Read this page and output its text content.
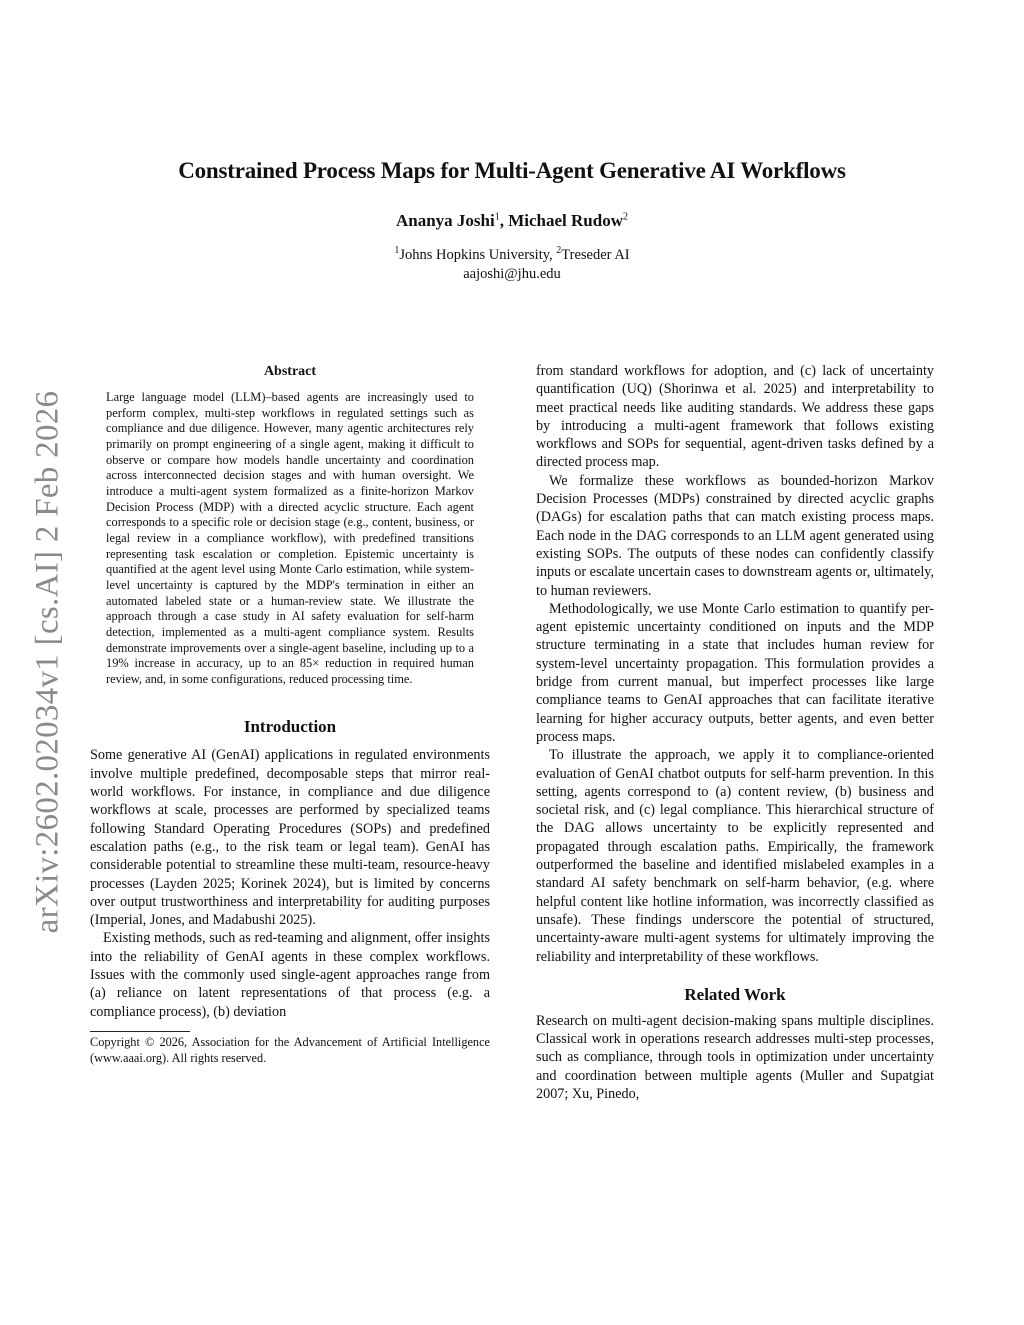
arXiv:2602.02034v1 [cs.AI] 2 Feb 2026
Constrained Process Maps for Multi-Agent Generative AI Workflows
Ananya Joshi$^1$, Michael Rudow$^2$
$^1$Johns Hopkins University, $^2$Treseder AI
aajoshi@jhu.edu
Abstract

Large language model (LLM)–based agents are increasingly used to perform complex, multi-step workflows in regulated settings such as compliance and due diligence. However, many agentic architectures rely primarily on prompt engineering of a single agent, making it difficult to observe or compare how models handle uncertainty and coordination across interconnected decision stages and with human oversight. We introduce a multi-agent system formalized as a finite-horizon Markov Decision Process (MDP) with a directed acyclic structure. Each agent corresponds to a specific role or decision stage (e.g., content, business, or legal review in a compliance workflow), with predefined transitions representing task escalation or completion. Epistemic uncertainty is quantified at the agent level using Monte Carlo estimation, while system-level uncertainty is captured by the MDP's termination in either an automated labeled state or a human-review state. We illustrate the approach through a case study in AI safety evaluation for self-harm detection, implemented as a multi-agent compliance system. Results demonstrate improvements over a single-agent baseline, including up to a 19% increase in accuracy, up to an 85× reduction in required human review, and, in some configurations, reduced processing time.

Introduction

Some generative AI (GenAI) applications in regulated environments involve multiple predefined, decomposable steps that mirror real-world workflows. For instance, in compliance and due diligence workflows at scale, processes are performed by specialized teams following Standard Operating Procedures (SOPs) and predefined escalation paths (e.g., to the risk team or legal team). GenAI has considerable potential to streamline these multi-team, resource-heavy processes (Layden 2025; Korinek 2024), but is limited by concerns over output trustworthiness and interpretability for auditing purposes (Imperial, Jones, and Madabushi 2025).

Existing methods, such as red-teaming and alignment, offer insights into the reliability of GenAI agents in these complex workflows. Issues with the commonly used single-agent approaches range from (a) reliance on latent representations of that process (e.g. a compliance process), (b) deviation

Copyright © 2026, Association for the Advancement of Artificial Intelligence (www.aaai.org). All rights reserved.

from standard workflows for adoption, and (c) lack of uncertainty quantification (UQ) (Shorinwa et al. 2025) and interpretability to meet practical needs like auditing standards. We address these gaps by introducing a multi-agent framework that follows existing workflows and SOPs for sequential, agent-driven tasks defined by a directed process map.

We formalize these workflows as bounded-horizon Markov Decision Processes (MDPs) constrained by directed acyclic graphs (DAGs) for escalation paths that can match existing process maps. Each node in the DAG corresponds to an LLM agent generated using existing SOPs. The outputs of these nodes can confidently classify inputs or escalate uncertain cases to downstream agents or, ultimately, to human reviewers.

Methodologically, we use Monte Carlo estimation to quantify per-agent epistemic uncertainty conditioned on inputs and the MDP structure terminating in a state that includes human review for system-level uncertainty propagation. This formulation provides a bridge from current manual, but imperfect processes like large compliance teams to GenAI approaches that can facilitate iterative learning for higher accuracy outputs, better agents, and even better process maps.

To illustrate the approach, we apply it to compliance-oriented evaluation of GenAI chatbot outputs for self-harm prevention. In this setting, agents correspond to (a) content review, (b) business and societal risk, and (c) legal compliance. This hierarchical structure of the DAG allows uncertainty to be explicitly represented and propagated through escalation paths. Empirically, the framework outperformed the baseline and identified mislabeled examples in a standard AI safety benchmark on self-harm behavior, (e.g. where helpful content like hotline information, was incorrectly classified as unsafe). These findings underscore the potential of structured, uncertainty-aware multi-agent systems for ultimately improving the reliability and interpretability of these workflows.

Related Work

Research on multi-agent decision-making spans multiple disciplines. Classical work in operations research addresses multi-step processes, such as compliance, through tools in optimization under uncertainty and coordination between multiple agents (Muller and Supatgiat 2007; Xu, Pinedo,
